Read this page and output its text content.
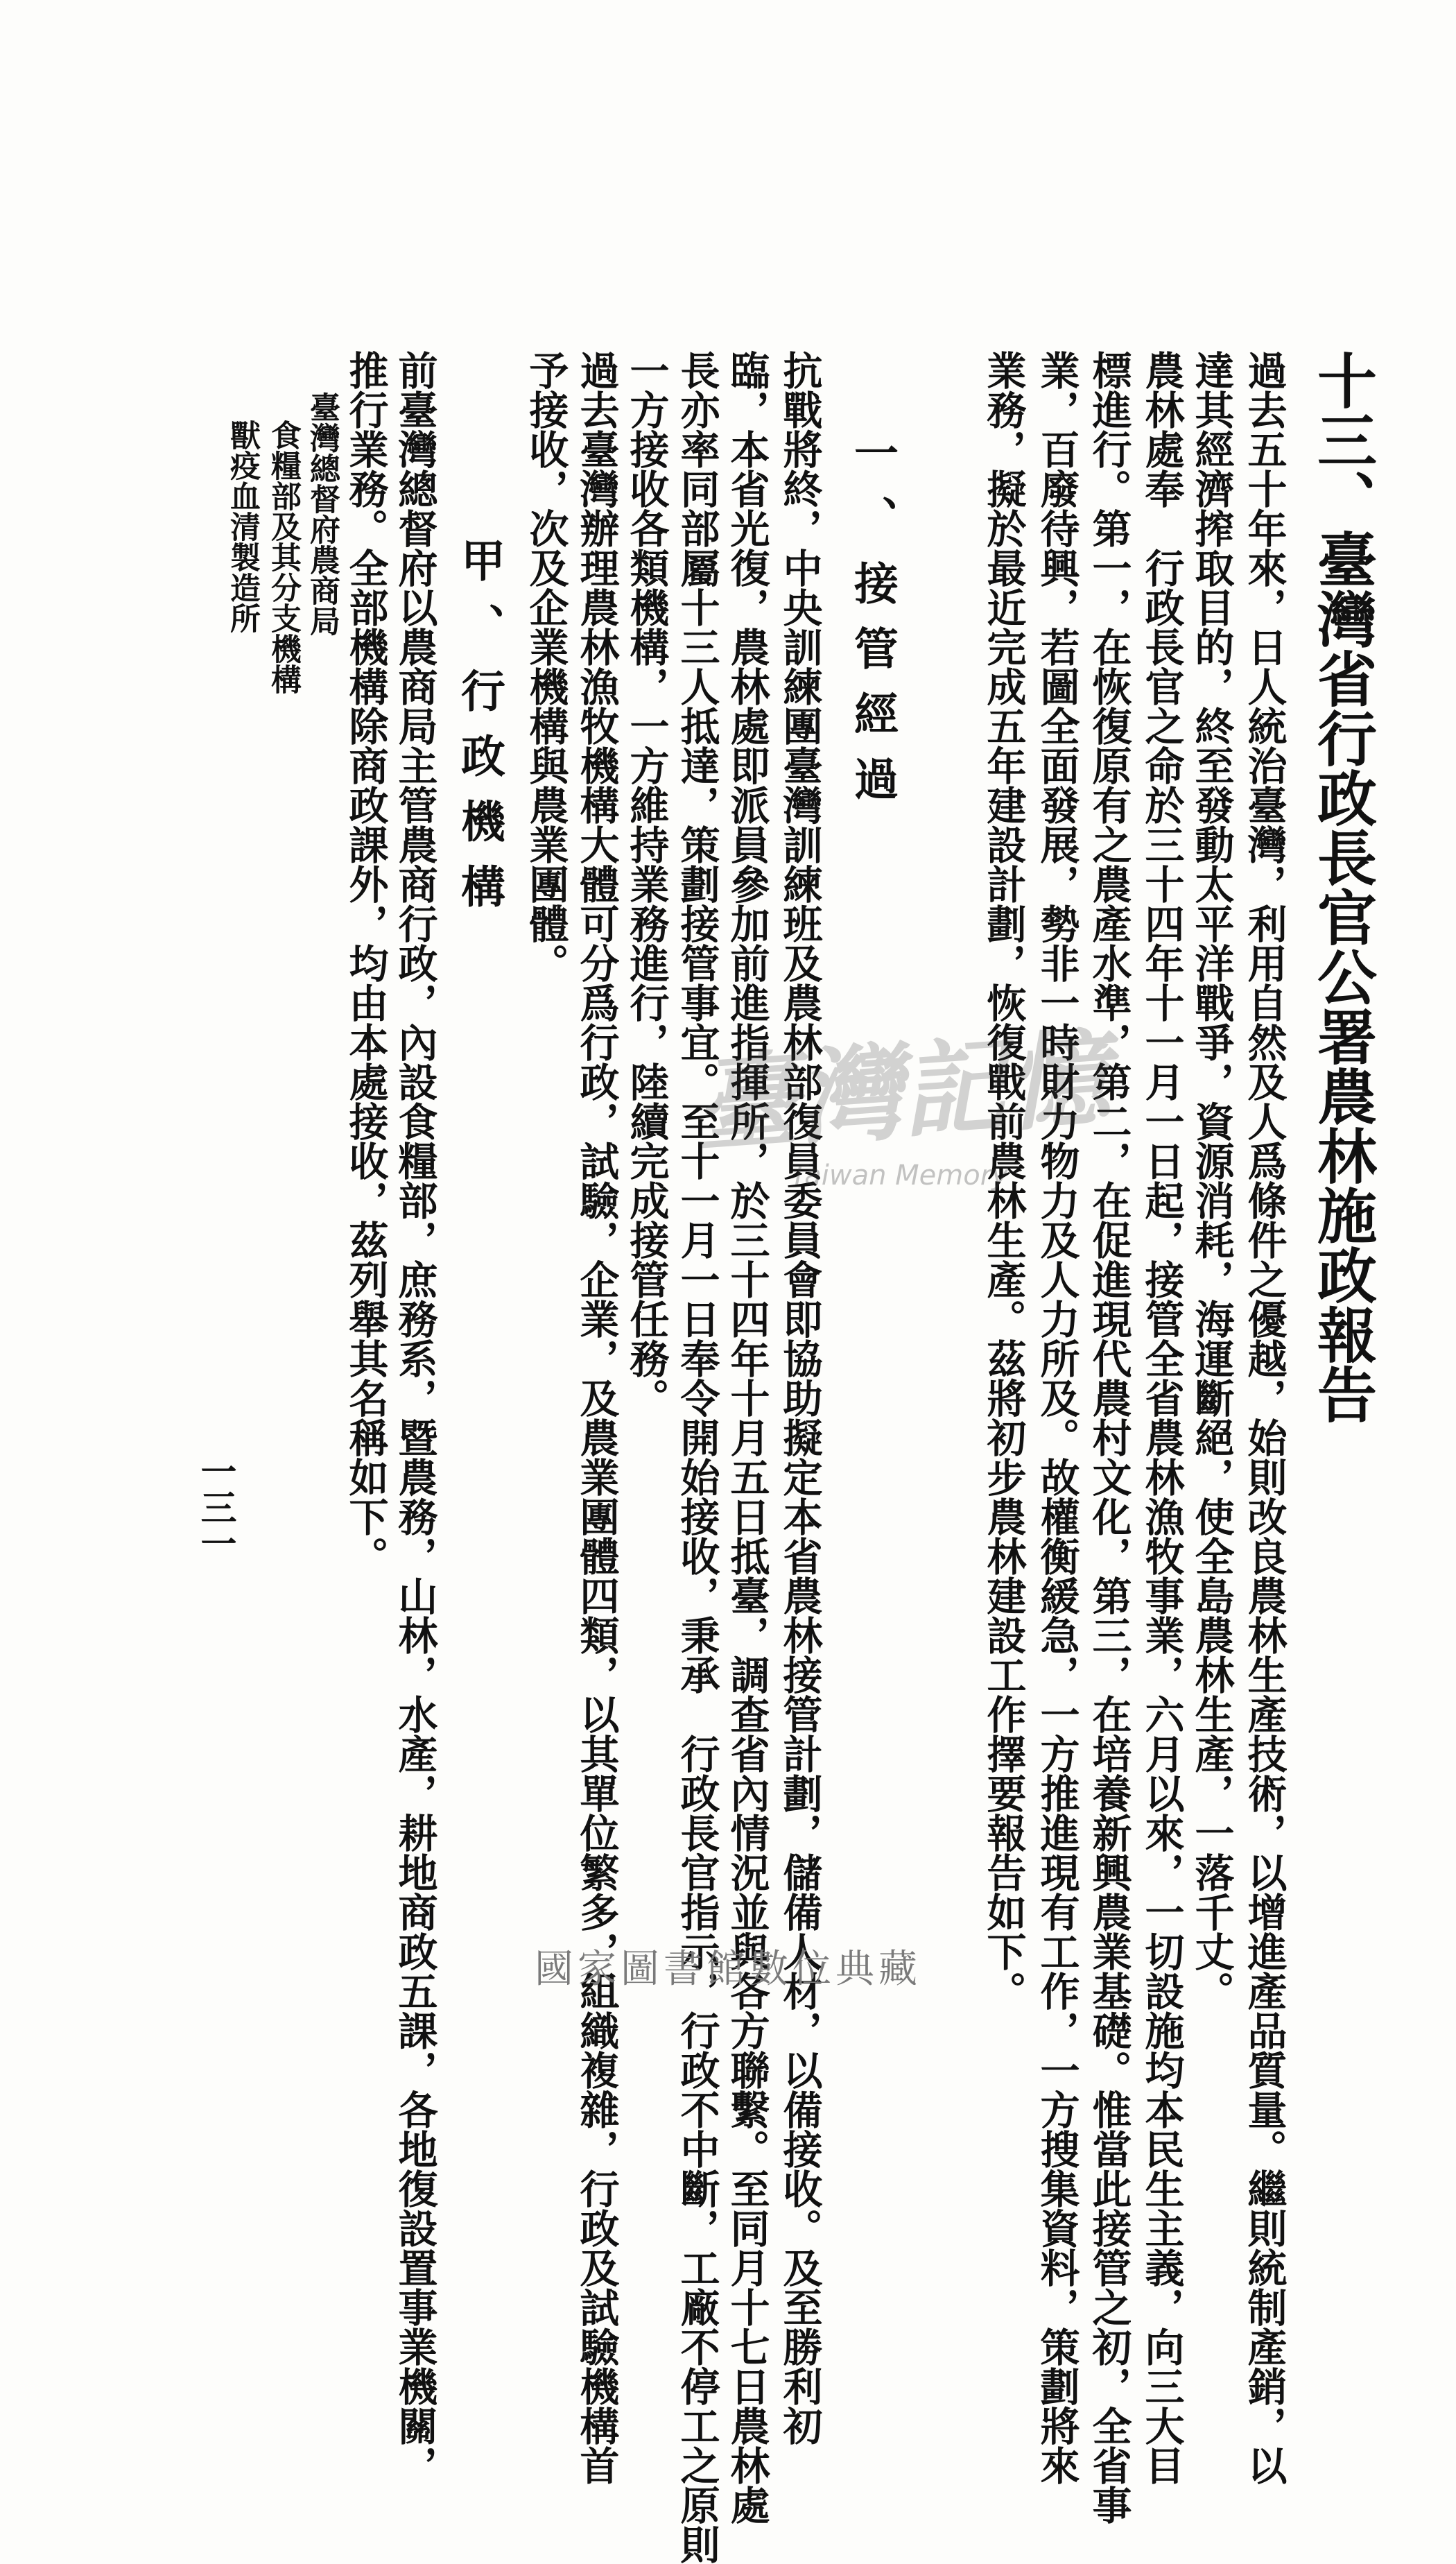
十三、臺灣省行政長官公署農林施政報告
過去五十年來，日人統治臺灣，利用自然及人爲條件之優越，始則改良農林生產技術，以增進產品質量。繼則統制產銷，以
達其經濟搾取目的，終至發動太平洋戰爭，資源消耗，海運斷絕，使全島農林生產，一落千丈。
農林處奉　行政長官之命於三十四年十一月一日起，接管全省農林漁牧事業，六月以來，一切設施均本民生主義，向三大目
標進行。第一，在恢復原有之農產水準，第二，在促進現代農村文化，第三，在培養新興農業基礎。惟當此接管之初，全省事
業，百廢待興，若圖全面發展，勢非一時財力物力及人力所及。故權衡緩急，一方推進現有工作，一方搜集資料，策劃將來
業務，擬於最近完成五年建設計劃，恢復戰前農林生產。茲將初步農林建設工作擇要報告如下。
一、接管經過
抗戰將終，中央訓練團臺灣訓練班及農林部復員委員會即協助擬定本省農林接管計劃，儲備人材，以備接收。及至勝利初
臨，本省光復，農林處即派員參加前進指揮所，於三十四年十月五日抵臺，調查省內情況並與各方聯繫。至同月十七日農林處
長亦率同部屬十三人抵達，策劃接管事宜。至十一月一日奉令開始接收，秉承　行政長官指示，行政不中斷，工廠不停工之原則
一方接收各類機構，一方維持業務進行，陸續完成接管任務。
過去臺灣辦理農林漁牧機構大體可分爲行政，試驗，企業，及農業團體四類，以其單位繁多，組織複雜，行政及試驗機構首
予接收，次及企業機構與農業團體。
甲、行政機構
前臺灣總督府以農商局主管農商行政，內設食糧部，庶務系，暨農務，山林，水產，耕地商政五課，各地復設置事業機關，
推行業務。全部機構除商政課外，均由本處接收，茲列舉其名稱如下。
臺灣總督府農商局
食糧部及其分支機構
獸疫血清製造所
一三一
臺灣記憶
Taiwan Memory
國家圖書館數位典藏
